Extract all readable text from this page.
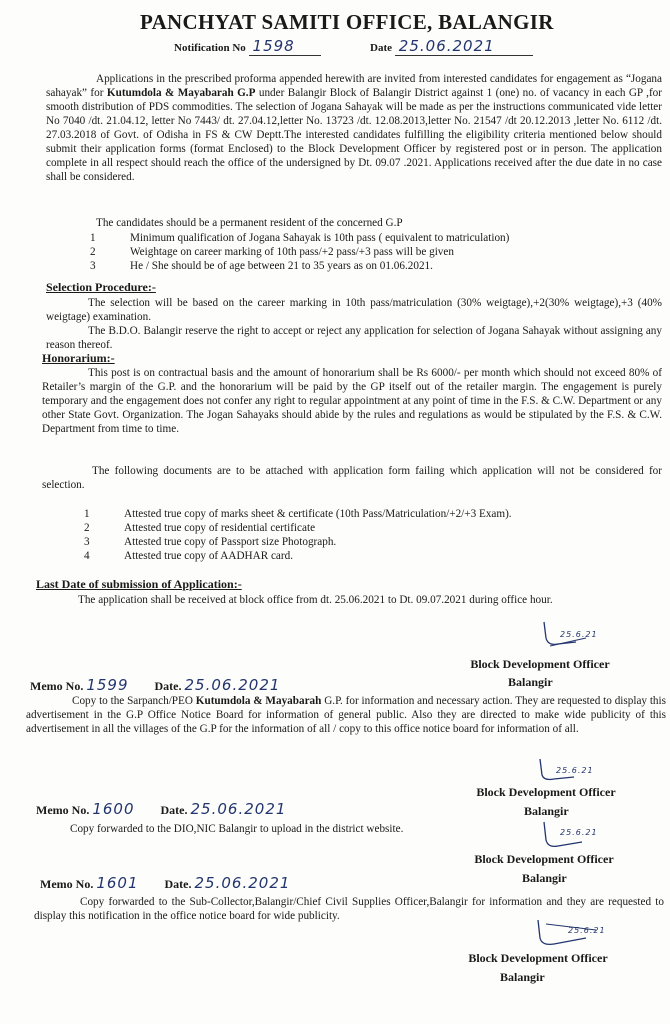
PANCHYAT SAMITI OFFICE, BALANGIR
Notification No 1598	Date 25.06.2021
Applications in the prescribed proforma appended herewith are invited from interested candidates for engagement as “Jogana sahayak” for Kutumdola & Mayabarah G.P under Balangir Block of Balangir District against 1 (one) no. of vacancy in each GP ,for smooth distribution of PDS commodities. The selection of Jogana Sahayak will be made as per the instructions communicated vide letter No 7040 /dt. 21.04.12, letter No 7443/ dt. 27.04.12,letter No. 13723 /dt. 12.08.2013,letter No. 21547 /dt 20.12.2013 ,letter No. 6112 /dt. 27.03.2018 of Govt. of Odisha in FS & CW Deptt.The interested candidates fulfilling the eligibility criteria mentioned below should submit their application forms (format Enclosed) to the Block Development Officer by registered post or in person. The application complete in all respect should reach the office of the undersigned by Dt. 09.07 .2021. Applications received after the due date in no case shall be considered.
The candidates should be a permanent resident of the concerned G.P
1	Minimum qualification of Jogana Sahayak is 10th pass ( equivalent to matriculation)
2	Weightage on career marking of 10th pass/+2 pass/+3 pass will be given
3	He / She should be of age between 21 to 35 years as on 01.06.2021.
Selection Procedure:-
The selection will be based on the career marking in 10th pass/matriculation (30% weigtage),+2(30% weigtage),+3 (40% weigtage) examination.
The B.D.O. Balangir reserve the right to accept or reject any application for selection of Jogana Sahayak without assigning any reason thereof.
Honorarium:-
This post is on contractual basis and the amount of honorarium shall be Rs 6000/- per month which should not exceed 80% of Retailer’s margin of the G.P. and the honorarium will be paid by the GP itself out of the retailer margin. The engagement is purely temporary and the engagement does not confer any right to regular appointment at any point of time in the F.S. & C.W. Department or any other State Govt. Organization. The Jogan Sahayaks should abide by the rules and regulations as would be stipulated by the F.S. & C.W. Department from time to time.
The following documents are to be attached with application form failing which application will not be considered for selection.
1	Attested true copy of marks sheet & certificate (10th Pass/Matriculation/+2/+3 Exam).
2	Attested true copy of residential certificate
3	Attested true copy of Passport size Photograph.
4	Attested true copy of AADHAR card.
Last Date of submission of Application:-
The application shall be received at block office from dt. 25.06.2021 to Dt. 09.07.2021 during office hour.
25.6.21
Block Development Officer
Balangir
Memo No. 1599 Date. 25.06.2021
Copy to the Sarpanch/PEO Kutumdola & Mayabarah G.P. for information and necessary action. They are requested to display this advertisement in the G.P Office Notice Board for information of general public. Also they are directed to make wide publicity of this advertisement in all the villages of the G.P for the information of all / copy to this office notice board for information of all.
25.6.21
Block Development Officer
Balangir
Memo No. 1600 Date. 25.06.2021
Copy forwarded to the DIO,NIC Balangir to upload in the district website.	25.6.21
Block Development Officer
Balangir
Memo No. 1601 Date. 25.06.2021
Copy forwarded to the Sub-Collector,Balangir/Chief Civil Supplies Officer,Balangir for information and they are requested to display this notification in the office notice board for wide publicity.
25.6.21
Block Development Officer
Balangir
